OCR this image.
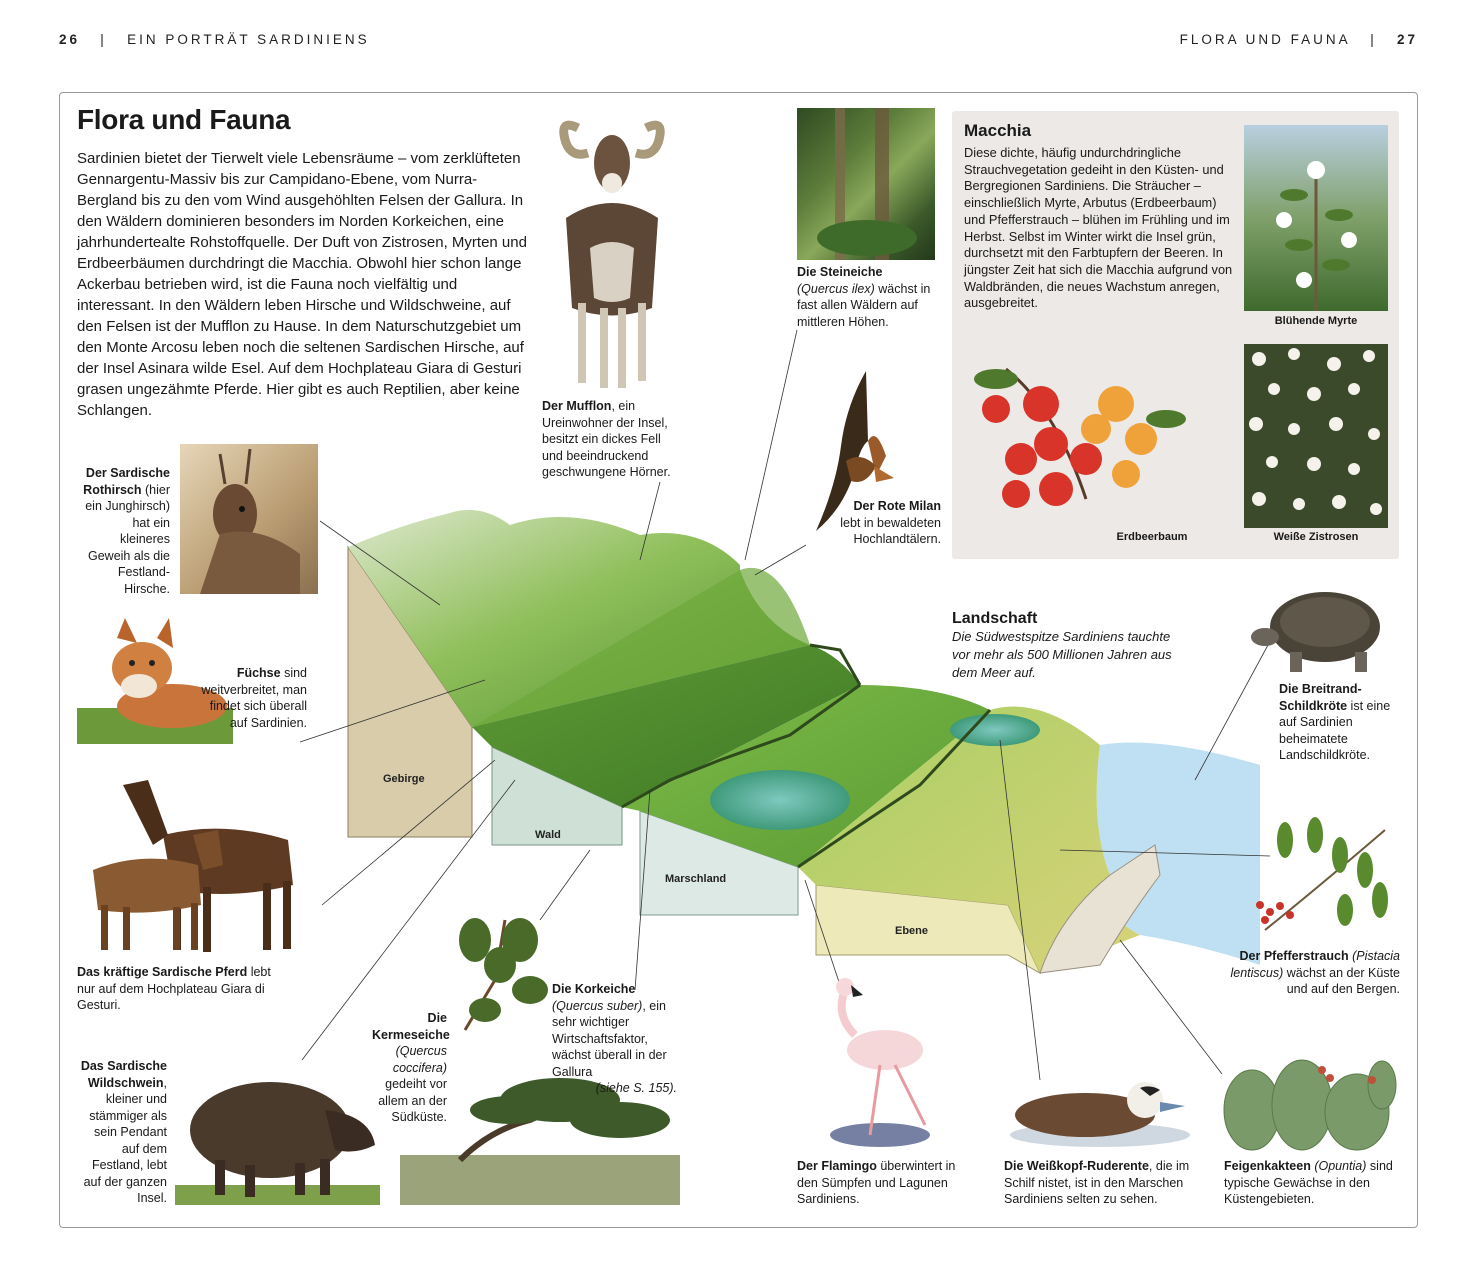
26   |   EIN PORTRÄT SARDINIENS	FLORA UND FAUNA   |   27
Flora und Fauna
Sardinien bietet der Tierwelt viele Lebensräume – vom zerklüfteten Gennargentu-Massiv bis zur Campidano-Ebene, vom Nurra-Bergland bis zu den vom Wind ausgehöhlten Felsen der Gallura. In den Wäldern dominieren besonders im Norden Korkeichen, eine jahrhundertealte Rohstoffquelle. Der Duft von Zistrosen, Myrten und Erdbeerbäumen durchdringt die Macchia. Obwohl hier schon lange Ackerbau betrieben wird, ist die Fauna noch vielfältig und interessant. In den Wäldern leben Hirsche und Wildschweine, auf den Felsen ist der Mufflon zu Hause. In dem Naturschutzgebiet um den Monte Arcosu leben noch die seltenen Sardischen Hirsche, auf der Insel Asinara wilde Esel. Auf dem Hochplateau Giara di Gesturi grasen ungezähmte Pferde. Hier gibt es auch Reptilien, aber keine Schlangen.
Gebirge
Wald
Marschland
Ebene
Landschaft
Die Südwestspitze Sardiniens tauchte vor mehr als 500 Millionen Jahren aus dem Meer auf.
Der Mufflon, ein Ureinwohner der Insel, besitzt ein dickes Fell und beeindruckend geschwungene Hörner.
Die Steineiche (Quercus ilex) wächst in fast allen Wäldern auf mittleren Höhen.
Der Rote Milan lebt in bewaldeten Hochlandtälern.
Macchia
Diese dichte, häufig undurchdringliche Strauchvegetation gedeiht in den Küsten- und Bergregionen Sardiniens. Die Sträucher – einschließlich Myrte, Arbutus (Erdbeerbaum) und Pfefferstrauch – blühen im Frühling und im Herbst. Selbst im Winter wirkt die Insel grün, durchsetzt mit den Farbtupfern der Beeren. In jüngster Zeit hat sich die Macchia aufgrund von Waldbränden, die neues Wachstum anregen, ausgebreitet.
Blühende Myrte
Erdbeerbaum	Weiße Zistrosen
Der Sardische Rothirsch (hier ein Junghirsch) hat ein kleineres Geweih als die Festland-Hirsche.
Füchse sind weitverbreitet, man findet sich überall auf Sardinien.
Das kräftige Sardische Pferd lebt nur auf dem Hochplateau Giara di Gesturi.
Das Sardische Wildschwein, kleiner und stämmiger als sein Pendant auf dem Festland, lebt auf der ganzen Insel.
Die Kermeseiche (Quercus coccifera) gedeiht vor allem an der Südküste.
Die Korkeiche
(Quercus suber), ein sehr wichtiger Wirtschaftsfaktor, wächst überall in der Gallura
(siehe S. 155).
Der Flamingo überwintert in den Sümpfen und Lagunen Sardiniens.
Die Weißkopf-Ruderente, die im Schilf nistet, ist in den Marschen Sardiniens selten zu sehen.
Feigenkakteen (Opuntia) sind typische Gewächse in den Küstengebieten.
Die Breitrand-Schildkröte ist eine auf Sardinien beheimatete Landschildkröte.
Der Pfefferstrauch (Pistacia lentiscus) wächst an der Küste und auf den Bergen.
